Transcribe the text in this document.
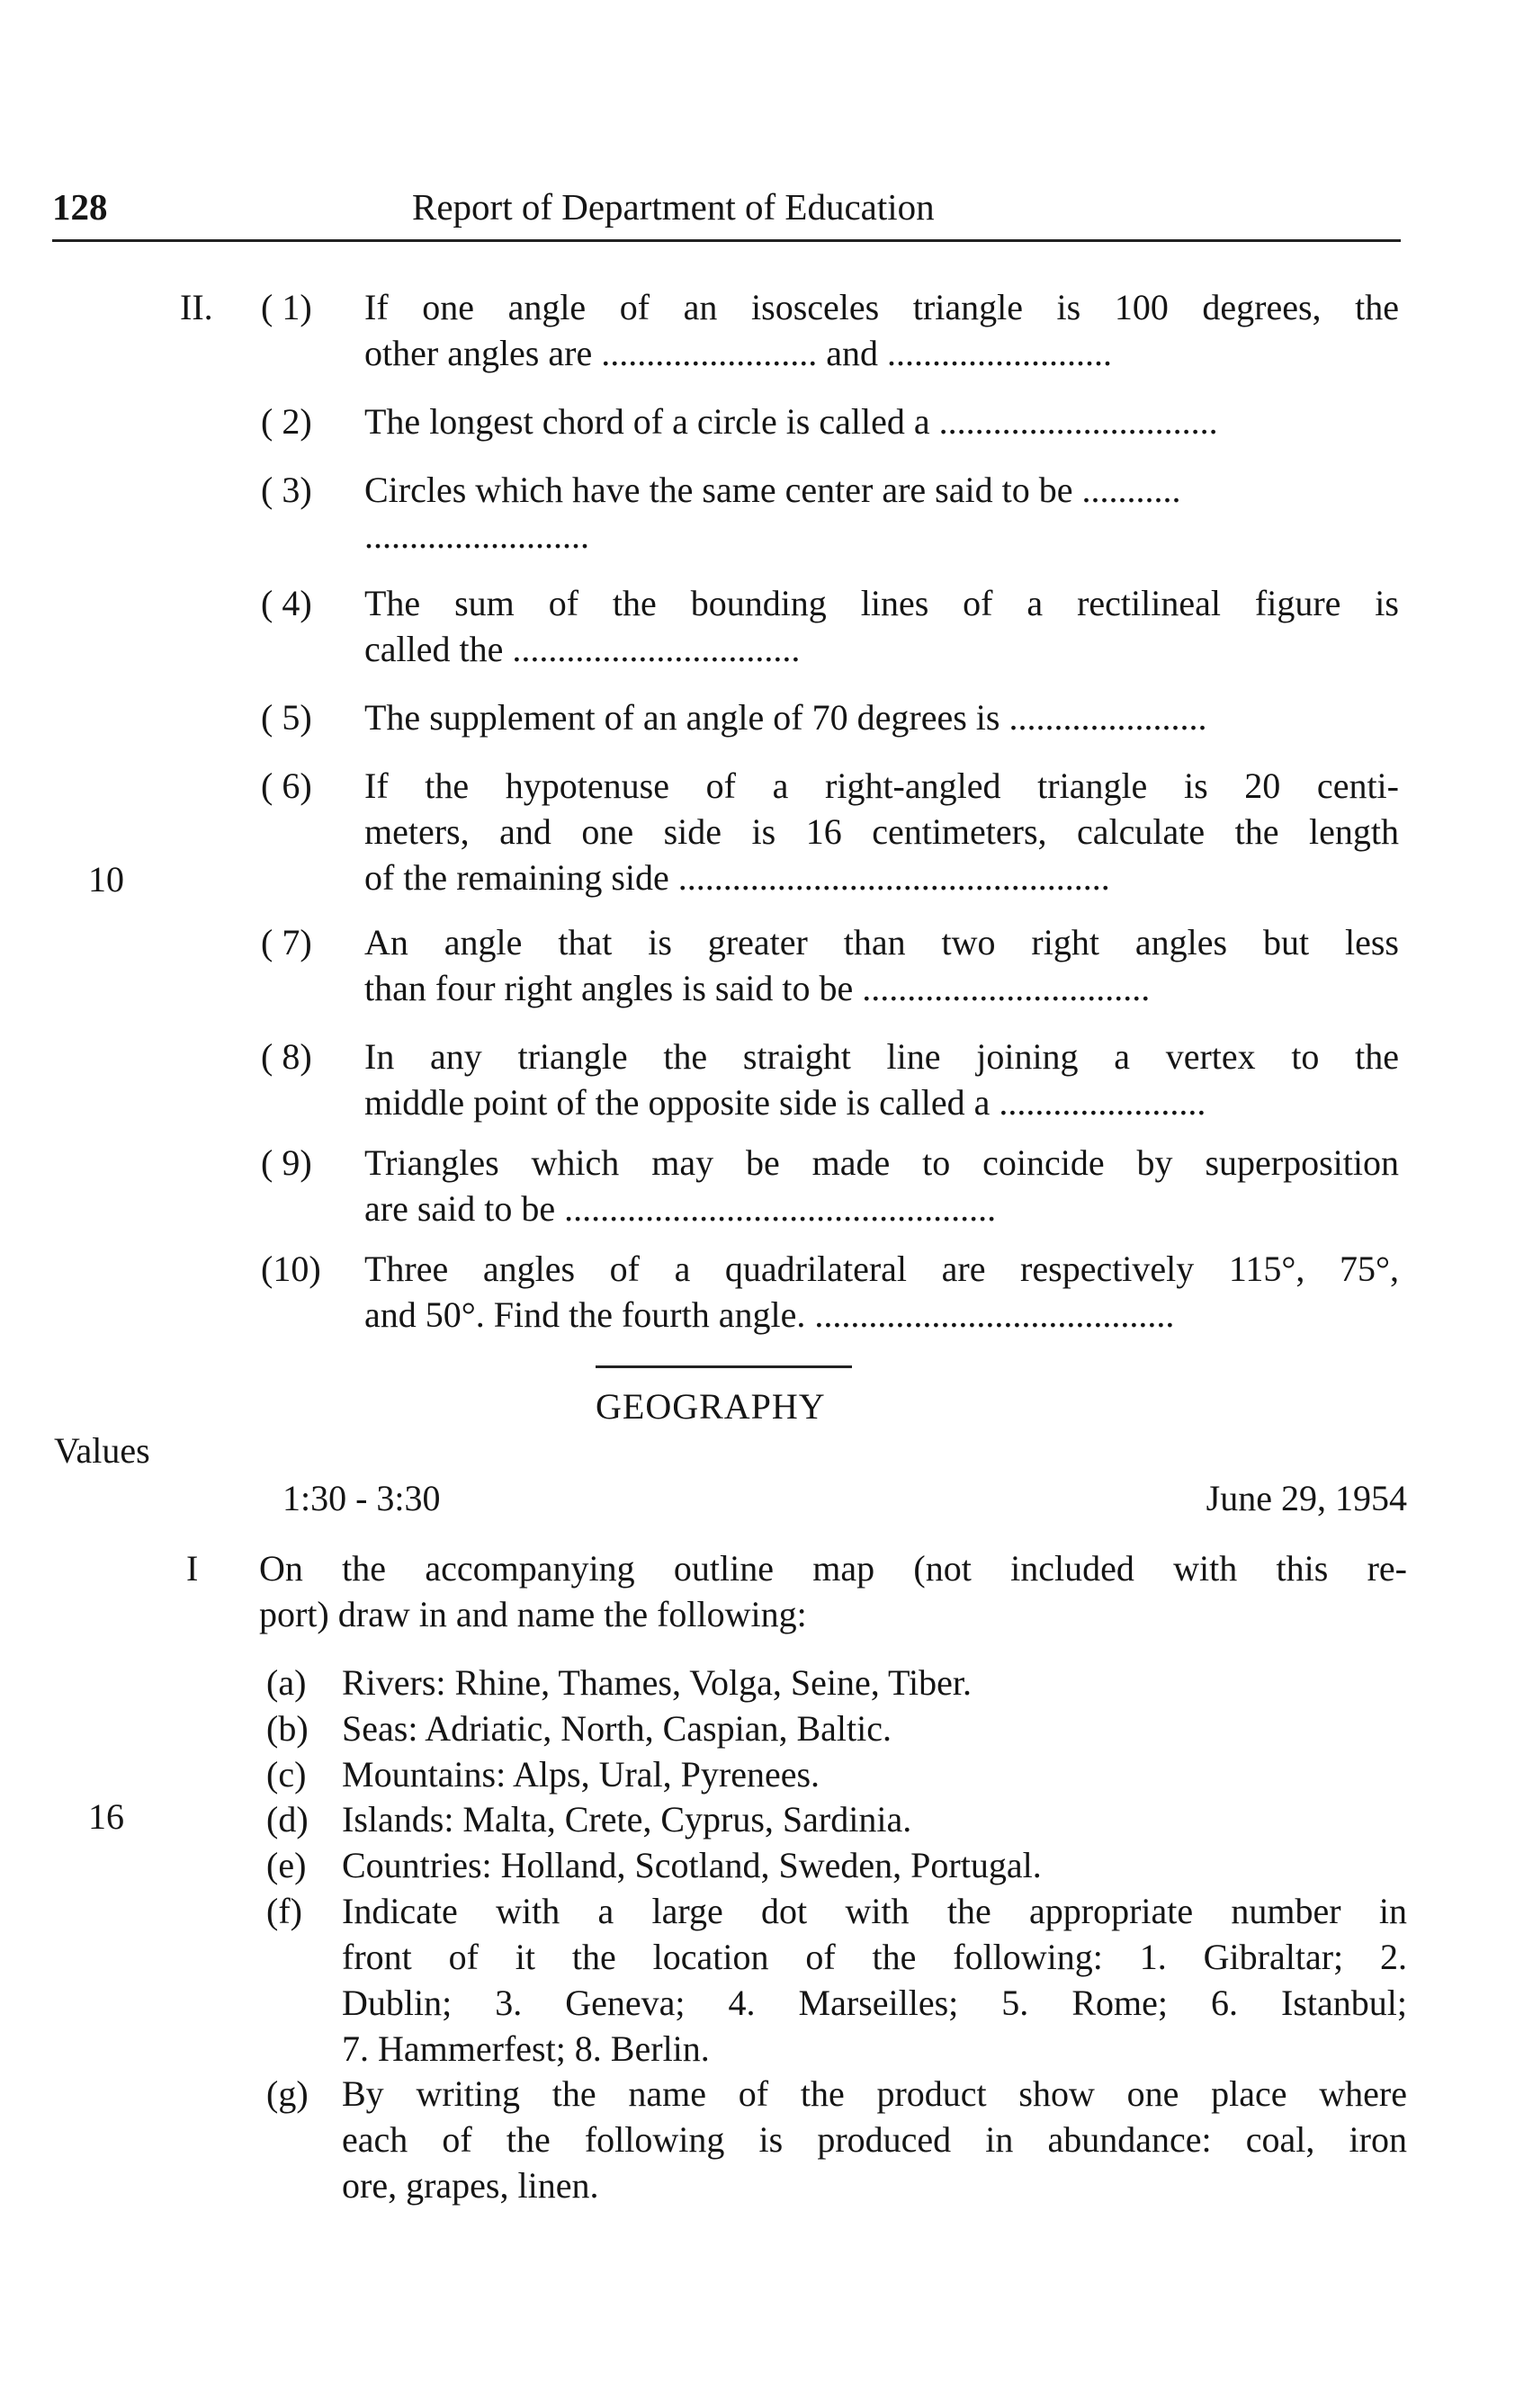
128	Report of Department of Education
10
Values
16
II. ( 1)	If one angle of an isosceles triangle is 100 degrees, the
other angles are ........................ and .........................
( 2)	The longest chord of a circle is called a ...............................
( 3)	Circles which have the same center are said to be ...........
.........................
( 4)	The sum of the bounding lines of a rectilineal figure is
called the ................................
( 5)	The supplement of an angle of 70 degrees is ......................
( 6)	If the hypotenuse of a right-angled triangle is 20 centi-
meters, and one side is 16 centimeters, calculate the length
of the remaining side ................................................
( 7)	An angle that is greater than two right angles but less
than four right angles is said to be ................................
( 8)	In any triangle the straight line joining a vertex to the
middle point of the opposite side is called a .......................
( 9)	Triangles which may be made to coincide by superposition
are said to be ................................................
(10)	Three angles of a quadrilateral are respectively 115°, 75°,
and 50°. Find the fourth angle. ........................................
GEOGRAPHY
1:30 - 3:30	June 29, 1954
I On the accompanying outline map (not included with this re-
port) draw in and name the following:
(a) Rivers: Rhine, Thames, Volga, Seine, Tiber.
(b) Seas: Adriatic, North, Caspian, Baltic.
(c) Mountains: Alps, Ural, Pyrenees.
(d) Islands: Malta, Crete, Cyprus, Sardinia.
(e) Countries: Holland, Scotland, Sweden, Portugal.
(f)	Indicate with a large dot with the appropriate number in
front of it the location of the following: 1. Gibraltar; 2.
Dublin; 3. Geneva; 4. Marseilles; 5. Rome; 6. Istanbul;
7. Hammerfest; 8. Berlin.
(g) By writing the name of the product show one place where
each of the following is produced in abundance: coal, iron
ore, grapes, linen.
